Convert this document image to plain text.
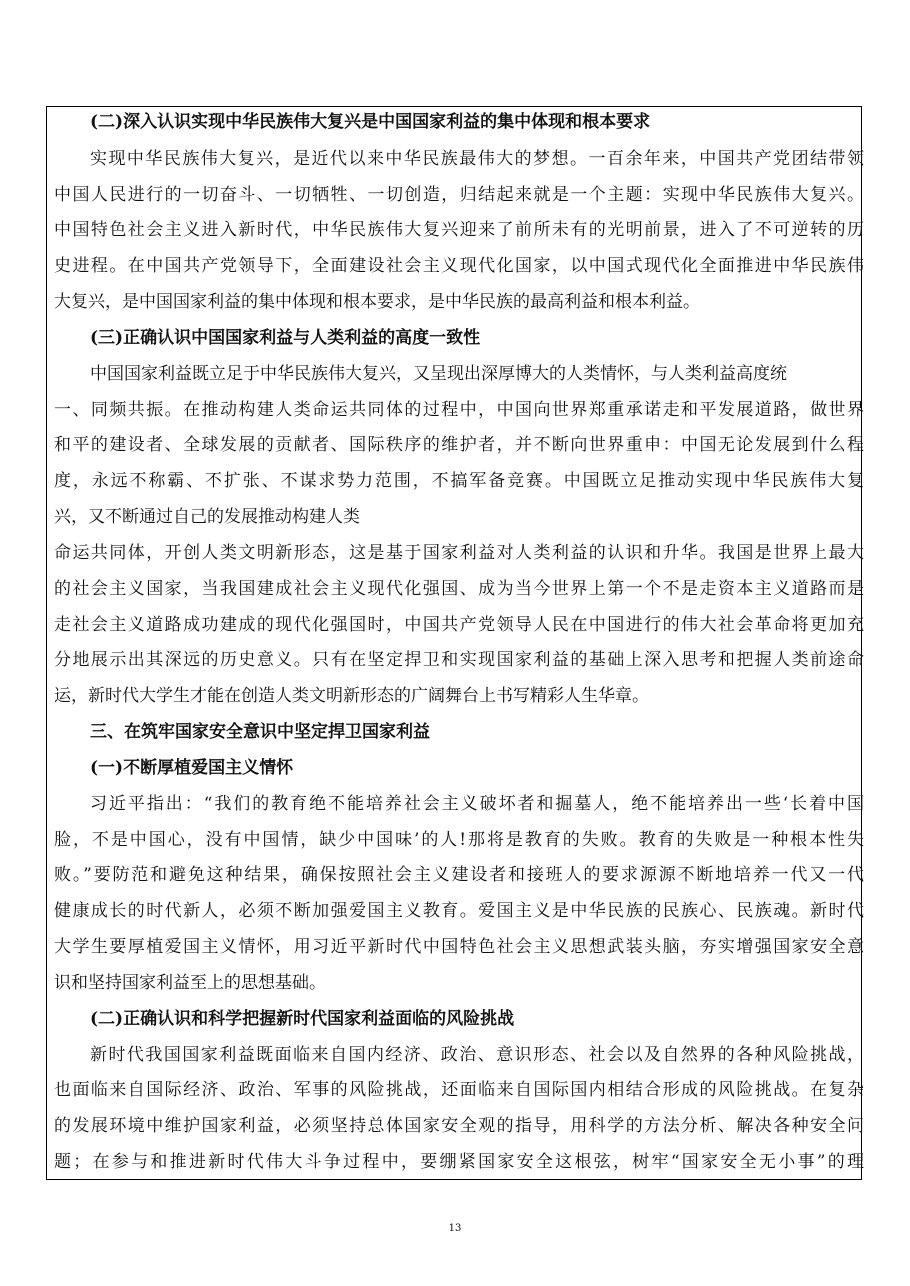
(二)深入认识实现中华民族伟大复兴是中国国家利益的集中体现和根本要求
实现中华民族伟大复兴，是近代以来中华民族最伟大的梦想。一百余年来，中国共产党团结带领
中国人民进行的一切奋斗、一切牺牲、一切创造，归结起来就是一个主题：实现中华民族伟大复兴。
中国特色社会主义进入新时代，中华民族伟大复兴迎来了前所未有的光明前景，进入了不可逆转的历
史进程。在中国共产党领导下，全面建设社会主义现代化国家，以中国式现代化全面推进中华民族伟
大复兴，是中国国家利益的集中体现和根本要求，是中华民族的最高利益和根本利益。
(三)正确认识中国国家利益与人类利益的高度一致性
中国国家利益既立足于中华民族伟大复兴，又呈现出深厚博大的人类情怀，与人类利益高度统
一、同频共振。在推动构建人类命运共同体的过程中，中国向世界郑重承诺走和平发展道路，做世界
和平的建设者、全球发展的贡献者、国际秩序的维护者，并不断向世界重申：中国无论发展到什么程
度，永远不称霸、不扩张、不谋求势力范围，不搞军备竞赛。中国既立足推动实现中华民族伟大复
兴，又不断通过自己的发展推动构建人类
命运共同体，开创人类文明新形态，这是基于国家利益对人类利益的认识和升华。我国是世界上最大
的社会主义国家，当我国建成社会主义现代化强国、成为当今世界上第一个不是走资本主义道路而是
走社会主义道路成功建成的现代化强国时，中国共产党领导人民在中国进行的伟大社会革命将更加充
分地展示出其深远的历史意义。只有在坚定捍卫和实现国家利益的基础上深入思考和把握人类前途命
运，新时代大学生才能在创造人类文明新形态的广阔舞台上书写精彩人生华章。
三、在筑牢国家安全意识中坚定捍卫国家利益
(一)不断厚植爱国主义情怀
习近平指出：“我们的教育绝不能培养社会主义破坏者和掘墓人，绝不能培养出一些‘长着中国
脸，不是中国心，没有中国情，缺少中国味’的人!那将是教育的失败。教育的失败是一种根本性失
败。”要防范和避免这种结果，确保按照社会主义建设者和接班人的要求源源不断地培养一代又一代
健康成长的时代新人，必须不断加强爱国主义教育。爱国主义是中华民族的民族心、民族魂。新时代
大学生要厚植爱国主义情怀，用习近平新时代中国特色社会主义思想武装头脑，夯实增强国家安全意
识和坚持国家利益至上的思想基础。
(二)正确认识和科学把握新时代国家利益面临的风险挑战
新时代我国国家利益既面临来自国内经济、政治、意识形态、社会以及自然界的各种风险挑战，
也面临来自国际经济、政治、军事的风险挑战，还面临来自国际国内相结合形成的风险挑战。在复杂
的发展环境中维护国家利益，必须坚持总体国家安全观的指导，用科学的方法分析、解决各种安全问
题；在参与和推进新时代伟大斗争过程中，要绷紧国家安全这根弦，树牢“国家安全无小事”的理
13
